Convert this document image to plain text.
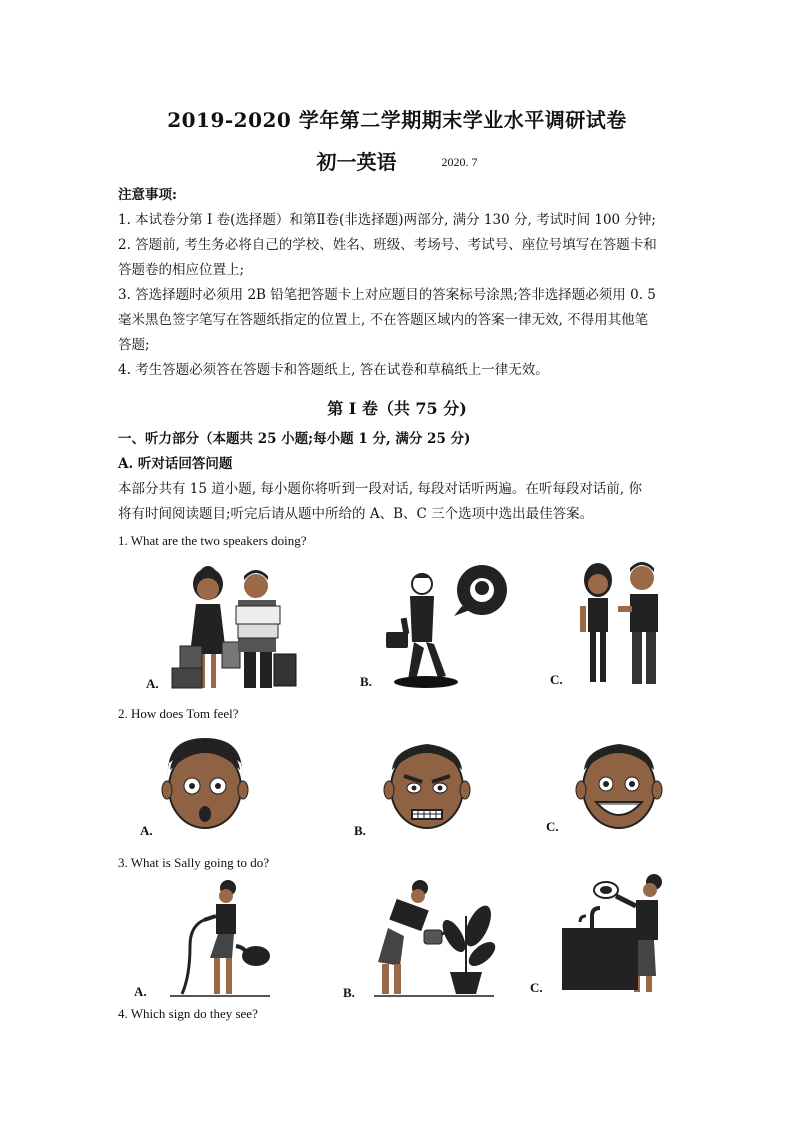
2019-2020 学年第二学期期末学业水平调研试卷
初一英语	2020. 7
注意事项:
1. 本试卷分第 I 卷(选择题）和第Ⅱ卷(非选择题)两部分, 满分 130 分, 考试时间 100 分钟;
2. 答题前, 考生务必将自己的学校、姓名、班级、考场号、考试号、座位号填写在答题卡和
答题卷的相应位置上;
3. 答选择题时必须用 2B 铅笔把答题卡上对应题目的答案标号涂黑;答非选择题必须用 0. 5
毫米黑色签字笔写在答题纸指定的位置上, 不在答题区域内的答案一律无效, 不得用其他笔
答题;
4. 考生答题必须答在答题卡和答题纸上, 答在试卷和草稿纸上一律无效。
第 I 卷（共 75 分)
一、听力部分（本题共 25 小题;每小题 1 分, 满分 25 分)
A. 听对话回答问题
本部分共有 15 道小题, 每小题你将听到一段对话, 每段对话听两遍。在听每段对话前, 你
将有时间阅读题目;听完后请从题中所给的 A、B、C 三个选项中选出最佳答案。
1. What are the two speakers doing?
A.	B.	C.
2. How does Tom feel?
A.	B.	C.
3. What is Sally going to do?
A.	B.	C.
4. Which sign do they see?
